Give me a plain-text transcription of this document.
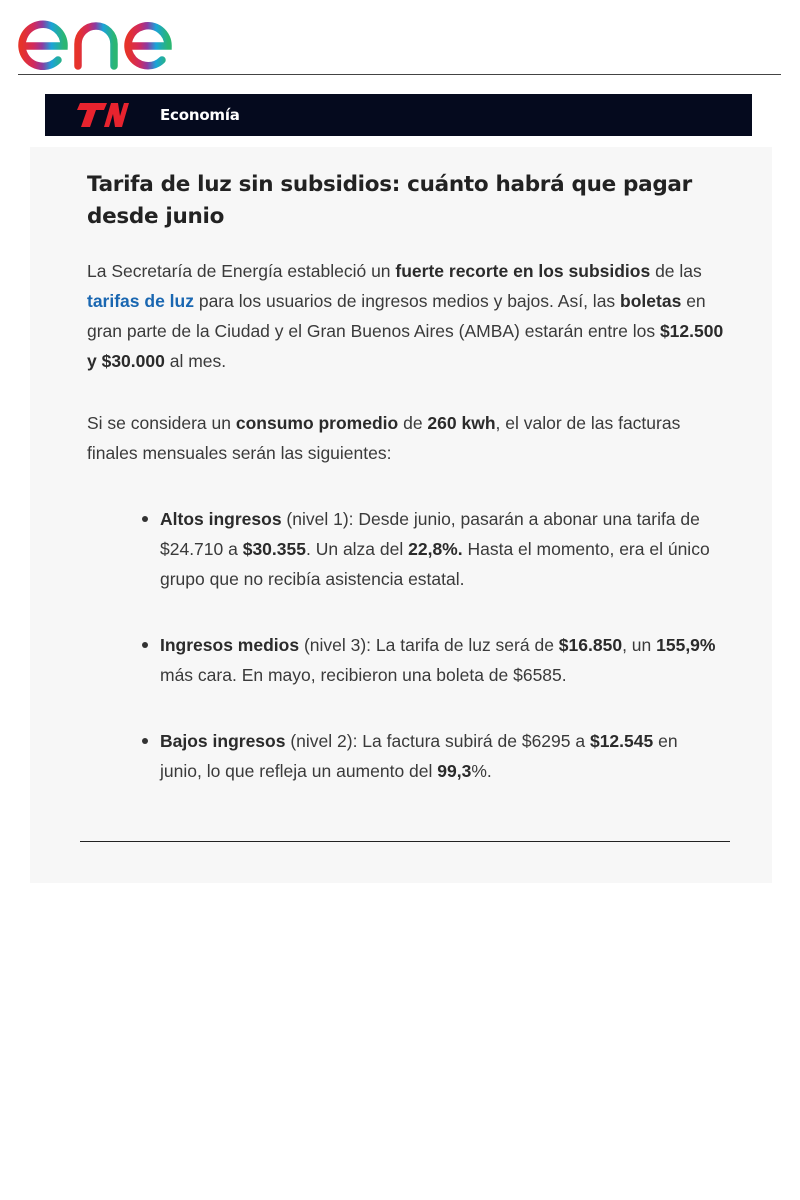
Economía
Tarifa de luz sin subsidios: cuánto habrá que pagar desde junio

La Secretaría de Energía estableció un fuerte recorte en los subsidios de las tarifas de luz para los usuarios de ingresos medios y bajos. Así, las boletas en gran parte de la Ciudad y el Gran Buenos Aires (AMBA) estarán entre los $12.500 y $30.000 al mes.

Si se considera un consumo promedio de 260 kwh, el valor de las facturas finales mensuales serán las siguientes:

Altos ingresos (nivel 1): Desde junio, pasarán a abonar una tarifa de $24.710 a $30.355. Un alza del 22,8%. Hasta el momento, era el único grupo que no recibía asistencia estatal.
Ingresos medios (nivel 3): La tarifa de luz será de $16.850, un 155,9% más cara. En mayo, recibieron una boleta de $6585.
Bajos ingresos (nivel 2): La factura subirá de $6295 a $12.545 en junio, lo que refleja un aumento del 99,3%.
